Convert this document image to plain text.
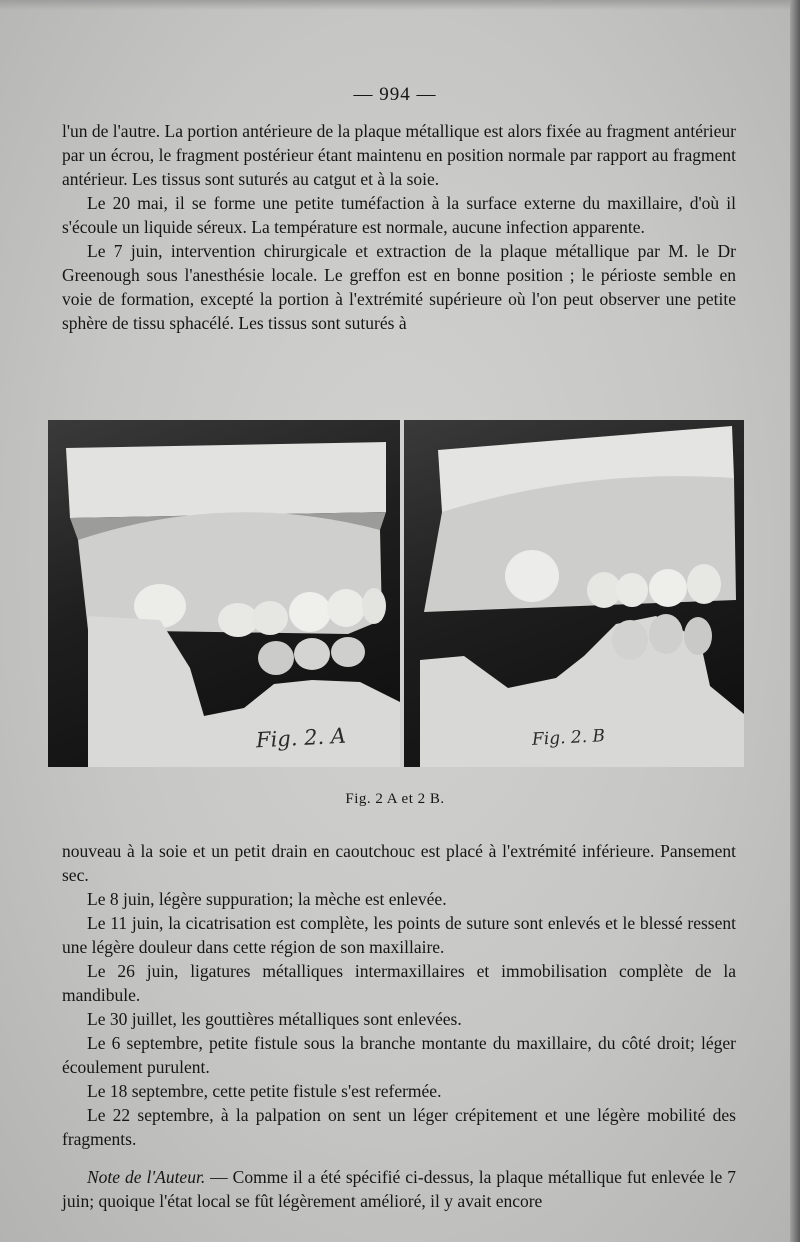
— 994 —

l'un de l'autre. La portion antérieure de la plaque métallique est alors fixée au fragment antérieur par un écrou, le fragment postérieur étant maintenu en position normale par rapport au fragment antérieur. Les tissus sont suturés au catgut et à la soie.

Le 20 mai, il se forme une petite tuméfaction à la surface externe du maxillaire, d'où il s'écoule un liquide séreux. La température est normale, aucune infection apparente.

Le 7 juin, intervention chirurgicale et extraction de la plaque métallique par M. le Dr Greenough sous l'anesthésie locale. Le greffon est en bonne position ; le périoste semble en voie de formation, excepté la portion à l'extrémité supérieure où l'on peut observer une petite sphère de tissu sphacélé. Les tissus sont suturés à

Fig. 2. A	Fig. 2. B
Fig. 2 A et 2 B.

nouveau à la soie et un petit drain en caoutchouc est placé à l'extrémité inférieure. Pansement sec.

Le 8 juin, légère suppuration; la mèche est enlevée.

Le 11 juin, la cicatrisation est complète, les points de suture sont enlevés et le blessé ressent une légère douleur dans cette région de son maxillaire.

Le 26 juin, ligatures métalliques intermaxillaires et immobilisation complète de la mandibule.

Le 30 juillet, les gouttières métalliques sont enlevées.

Le 6 septembre, petite fistule sous la branche montante du maxillaire, du côté droit; léger écoulement purulent.

Le 18 septembre, cette petite fistule s'est refermée.

Le 22 septembre, à la palpation on sent un léger crépitement et une légère mobilité des fragments.

Note de l'Auteur. — Comme il a été spécifié ci-dessus, la plaque métallique fut enlevée le 7 juin; quoique l'état local se fût légèrement amélioré, il y avait encore
